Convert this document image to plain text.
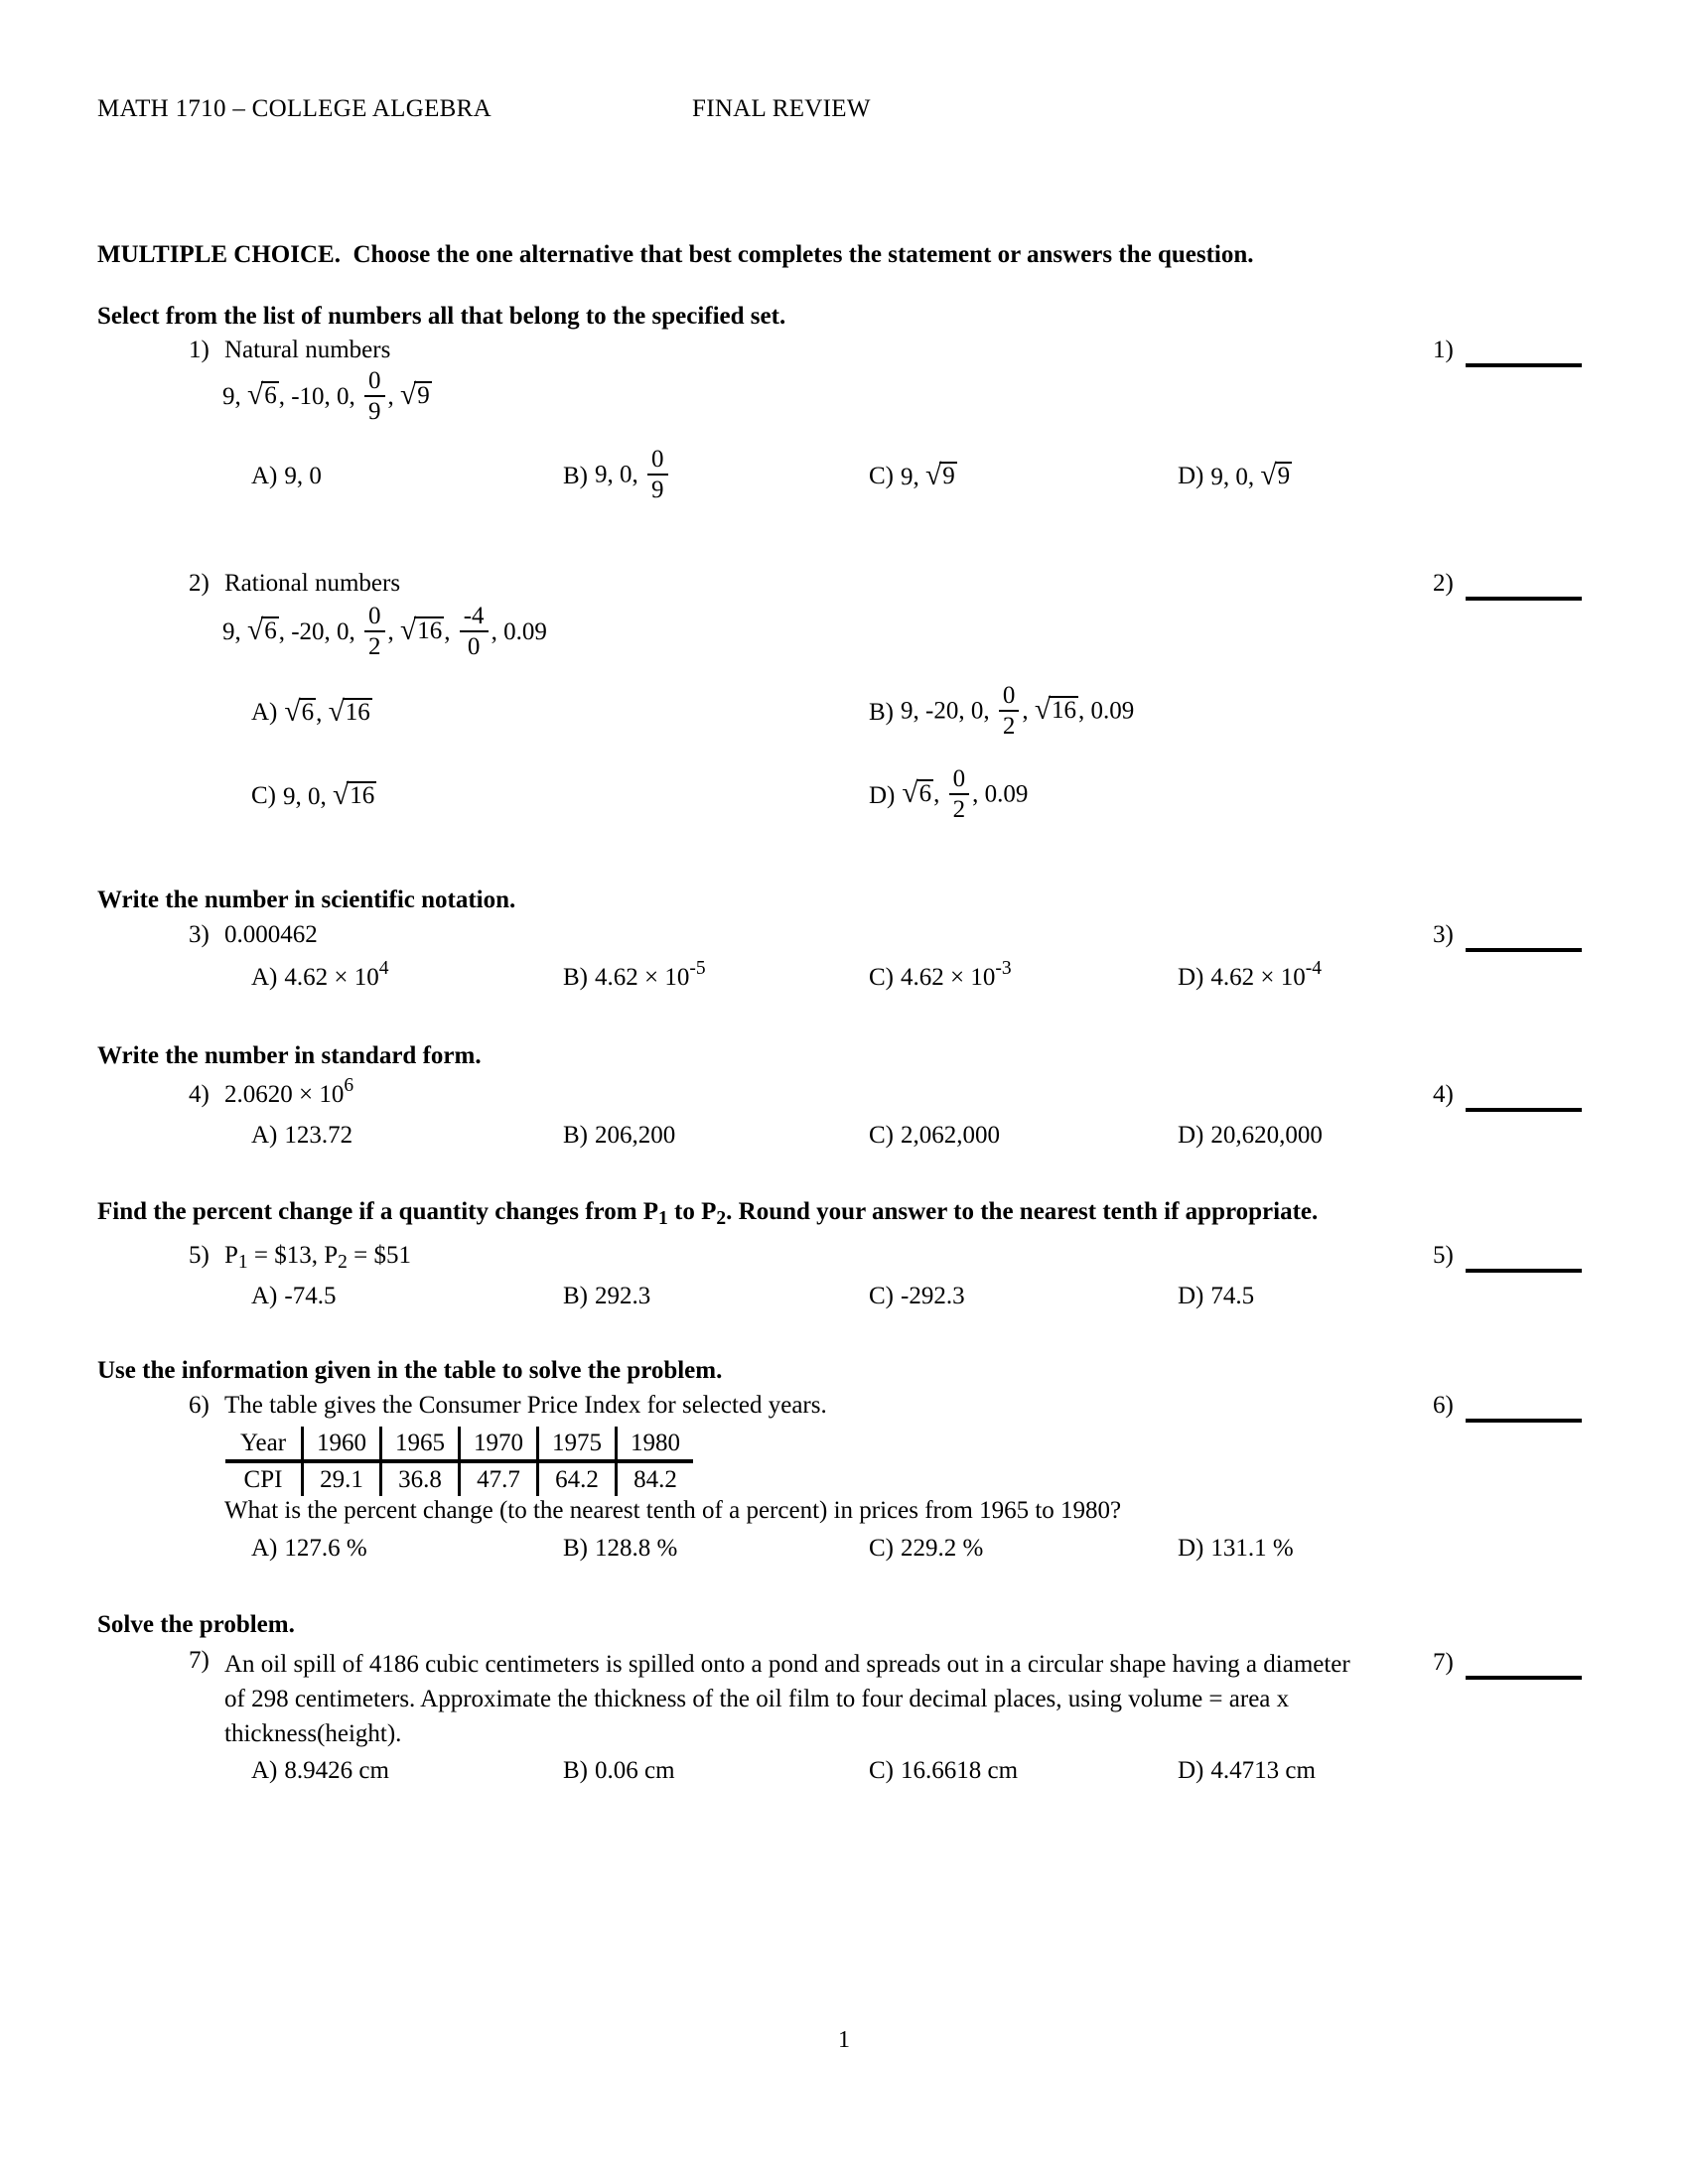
MATH 1710 – COLLEGE ALGEBRA	FINAL REVIEW
MULTIPLE CHOICE.  Choose the one alternative that best completes the statement or answers the question.
Select from the list of numbers all that belong to the specified set.
1) Natural numbers
9, √ 6, -10, 0, $\frac{0}{9}$ , √ 9
A) 9, 0	B) 9, 0, $\frac{0}{9}$	C) 9, √ 9	D) 9, 0, √ 9
1)
2) Rational numbers
9, √ 6, -20, 0, $\frac{0}{2}$ , √ 16, $\frac{-4}{0}$ , 0.09
A) √ 6, √ 16	B) 9, -20, 0, $\frac{0}{2}$ , √ 16, 0.09
C) 9, 0, √ 16	D) √ 6, $\frac{0}{2}$ , 0.09
2)
Write the number in scientific notation.
3) 0.000462
A) $4.62 \times 10^4$	B) $4.62 \times 10^{-5}$	C) $4.62 \times 10^{-3}$	D) $4.62 \times 10^{-4}$
3)
Write the number in standard form.
4) $2.0620 \times 10^6$
A) 123.72	B) 206,200	C) 2,062,000	D) 20,620,000
4)
Find the percent change if a quantity changes from $P_1$ to $P_2$. Round your answer to the nearest tenth if appropriate.
5) $P_1$ = $13, $P_2$ = $51
A) -74.5	B) 292.3	C) -292.3	D) 74.5
5)
Use the information given in the table to solve the problem.
6) The table gives the Consumer Price Index for selected years.
Year	1960	1965	1970	1975	1980
CPI	29.1	36.8	47.7	64.2	84.2
What is the percent change (to the nearest tenth of a percent) in prices from 1965 to 1980?
A) 127.6 %	B) 128.8 %	C) 229.2 %	D) 131.1 %
6)
Solve the problem.
7) An oil spill of 4186 cubic centimeters is spilled onto a pond and spreads out in a circular shape having a diameter of 298 centimeters. Approximate the thickness of the oil film to four decimal places, using volume = area x thickness(height).
A) 8.9426 cm	B) 0.06 cm	C) 16.6618 cm	D) 4.4713 cm
7)
1
